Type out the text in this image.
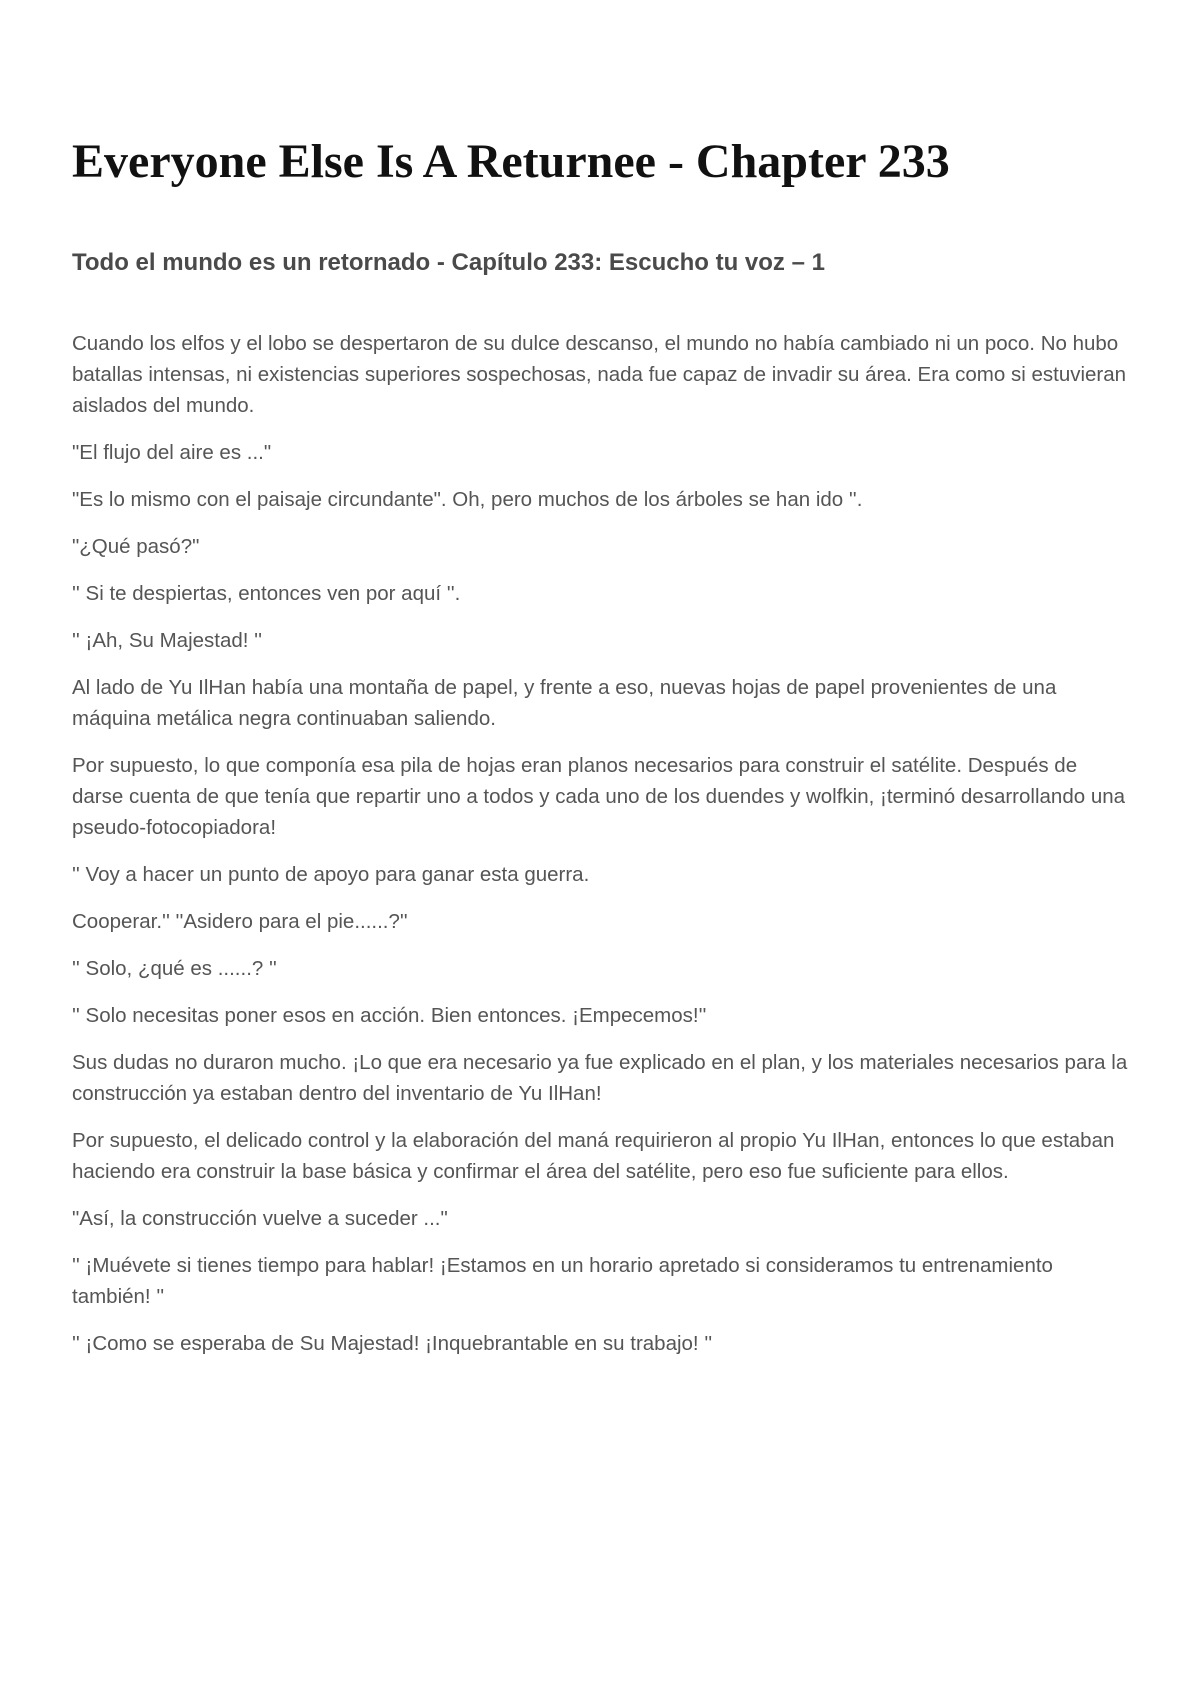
Everyone Else Is A Returnee - Chapter 233
Todo el mundo es un retornado - Capítulo 233: Escucho tu voz – 1

Cuando los elfos y el lobo se despertaron de su dulce descanso, el mundo no había cambiado ni un poco. No hubo batallas intensas, ni existencias superiores sospechosas, nada fue capaz de invadir su área. Era como si estuvieran aislados del mundo.

"El flujo del aire es ..."

"Es lo mismo con el paisaje circundante". Oh, pero muchos de los árboles se han ido ''.

"¿Qué pasó?"

'' Si te despiertas, entonces ven por aquí ''.

'' ¡Ah, Su Majestad! ''

Al lado de Yu IlHan había una montaña de papel, y frente a eso, nuevas hojas de papel provenientes de una máquina metálica negra continuaban saliendo.

Por supuesto, lo que componía esa pila de hojas eran planos necesarios para construir el satélite. Después de darse cuenta de que tenía que repartir uno a todos y cada uno de los duendes y wolfkin, ¡terminó desarrollando una pseudo-fotocopiadora!

'' Voy a hacer un punto de apoyo para ganar esta guerra.

Cooperar.'' ''Asidero para el pie......?''

'' Solo, ¿qué es ......? ''

'' Solo necesitas poner esos en acción. Bien entonces. ¡Empecemos!''

Sus dudas no duraron mucho. ¡Lo que era necesario ya fue explicado en el plan, y los materiales necesarios para la construcción ya estaban dentro del inventario de Yu IlHan!

Por supuesto, el delicado control y la elaboración del maná requirieron al propio Yu IlHan, entonces lo que estaban haciendo era construir la base básica y confirmar el área del satélite, pero eso fue suficiente para ellos.

"Así, la construcción vuelve a suceder ..."

'' ¡Muévete si tienes tiempo para hablar! ¡Estamos en un horario apretado si consideramos tu entrenamiento también! ''

'' ¡Como se esperaba de Su Majestad! ¡Inquebrantable en su trabajo! ''
